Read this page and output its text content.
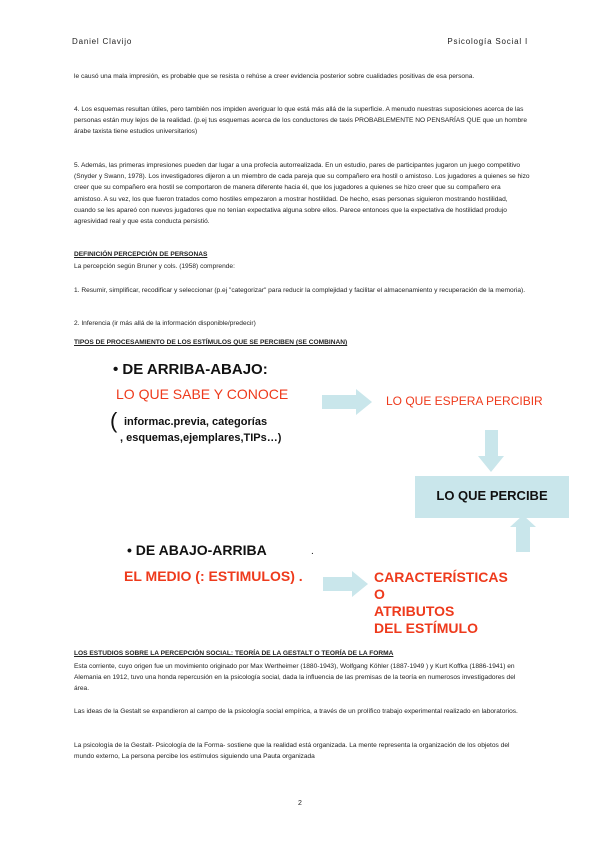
Daniel Clavijo	Psicología Social I

le causó una mala impresión, es probable que se resista o rehúse a creer evidencia posterior sobre cualidades positivas de esa persona.

4. Los esquemas resultan útiles, pero también nos impiden averiguar lo que está más allá de la superficie. A menudo nuestras suposiciones acerca de las personas están muy lejos de la realidad. (p.ej tus esquemas acerca de los conductores de taxis PROBABLEMENTE NO PENSARÍAS QUE que un hombre árabe taxista tiene estudios universitarios)

5. Además, las primeras impresiones pueden dar lugar a una profecía autorrealizada. En un estudio, pares de participantes jugaron un juego competitivo (Snyder y Swann, 1978). Los investigadores dijeron a un miembro de cada pareja que su compañero era hostil o amistoso. Los jugadores a quienes se hizo creer que su compañero era hostil se comportaron de manera diferente hacia él, que los jugadores a quienes se hizo creer que su compañero era amistoso. A su vez, los que fueron tratados como hostiles empezaron a mostrar hostilidad. De hecho, esas personas siguieron mostrando hostilidad, cuando se les apareó con nuevos jugadores que no tenían expectativa alguna sobre ellos. Parece entonces que la expectativa de hostilidad produjo agresividad real y que esta conducta persistió.

DEFINICIÓN PERCEPCIÓN DE PERSONAS

La percepción según Bruner y cols. (1958) comprende:

1. Resumir, simplificar, recodificar y seleccionar (p.ej "categorizar" para reducir la complejidad y facilitar el almacenamiento y recuperación de la memoria).

2. Inferencia (ir más allá de la información disponible/predecir)

TIPOS DE PROCESAMIENTO DE LOS ESTÍMULOS QUE SE PERCIBEN (SE COMBINAN)

LO QUE PERCIBE
• DE ARRIBA-ABAJO:
LO QUE SABE Y CONOCE
( informac.previa, categorías
, esquemas,ejemplares,TIPs…)
LO QUE ESPERA PERCIBIR
• DE ABAJO-ARRIBA	.
EL MEDIO (: ESTIMULOS) .	CARACTERÍSTICAS
O
ATRIBUTOS
DEL ESTÍMULO

LOS ESTUDIOS SOBRE LA PERCEPCIÓN SOCIAL: TEORÍA DE LA GESTALT O TEORÍA DE LA FORMA

Esta corriente, cuyo origen fue un movimiento originado por Max Wertheimer (1880-1943), Wolfgang Köhler (1887-1949 ) y Kurt Koffka (1886-1941) en Alemania en 1912, tuvo una honda repercusión en la psicología social, dada la influencia de las premisas de la teoría en numerosos investigadores del área.

Las ideas de la Gestalt se expandieron al campo de la psicología social empírica, a través de un prolífico trabajo experimental realizado en laboratorios.

La psicología de la Gestalt- Psicología de la Forma- sostiene que la realidad está organizada. La mente representa la organización de los objetos del mundo externo, La persona percibe los estímulos siguiendo una Pauta organizada

2
